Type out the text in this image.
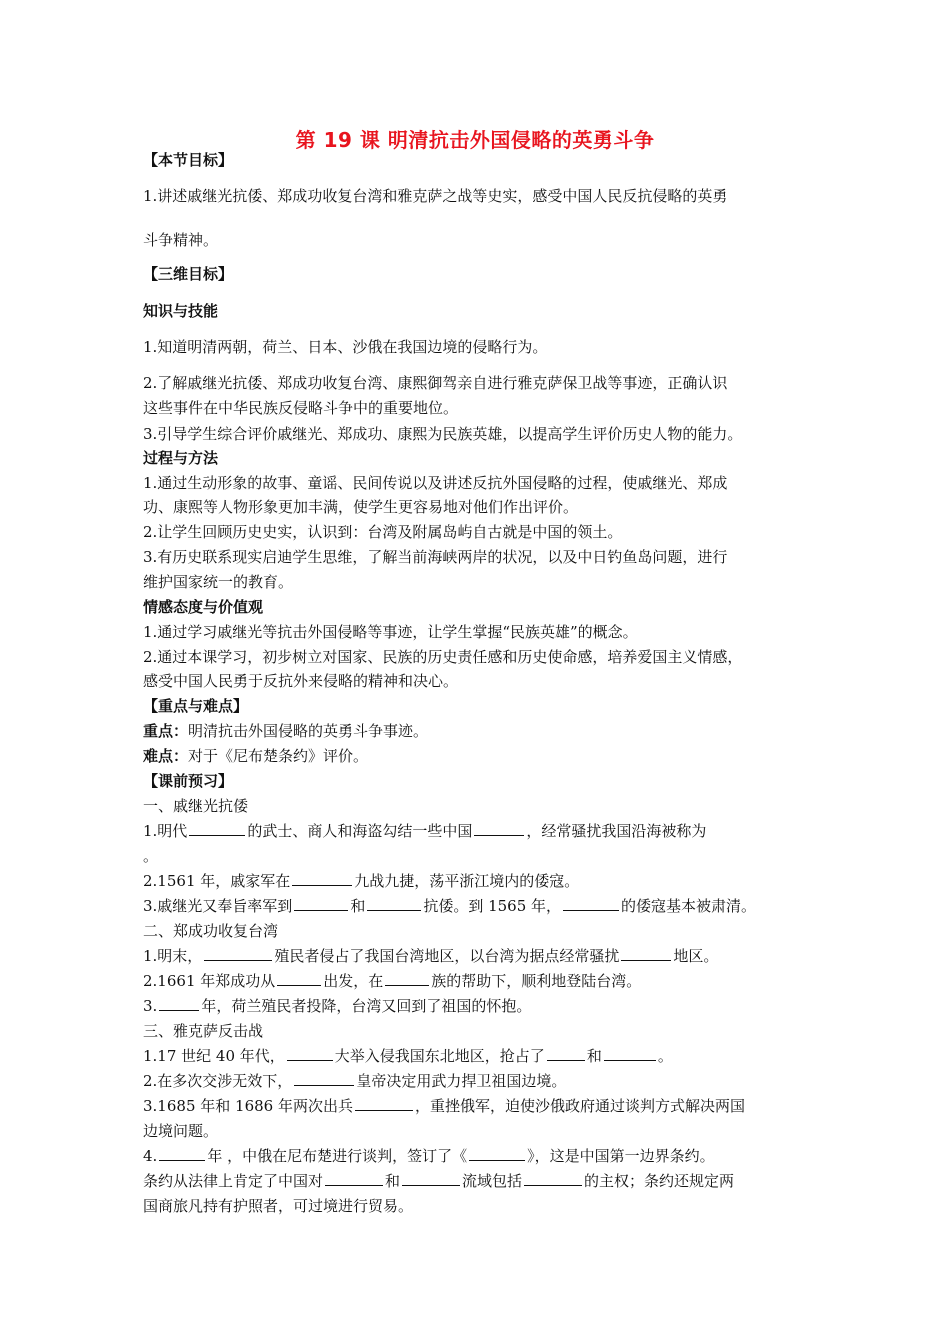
第 19 课 明清抗击外国侵略的英勇斗争
【本节目标】
1.讲述戚继光抗倭、郑成功收复台湾和雅克萨之战等史实，感受中国人民反抗侵略的英勇
斗争精神。
【三维目标】
知识与技能
1.知道明清两朝，荷兰、日本、沙俄在我国边境的侵略行为。
2.了解戚继光抗倭、郑成功收复台湾、康熙御驾亲自进行雅克萨保卫战等事迹，正确认识
这些事件在中华民族反侵略斗争中的重要地位。
3.引导学生综合评价戚继光、郑成功、康熙为民族英雄，以提高学生评价历史人物的能力。
过程与方法
1.通过生动形象的故事、童谣、民间传说以及讲述反抗外国侵略的过程，使戚继光、郑成
功、康熙等人物形象更加丰满，使学生更容易地对他们作出评价。
2.让学生回顾历史史实，认识到：台湾及附属岛屿自古就是中国的领土。
3.有历史联系现实启迪学生思维，了解当前海峡两岸的状况，以及中日钓鱼岛问题，进行
维护国家统一的教育。
情感态度与价值观
1.通过学习戚继光等抗击外国侵略等事迹，让学生掌握“民族英雄”的概念。
2.通过本课学习，初步树立对国家、民族的历史责任感和历史使命感，培养爱国主义情感，
感受中国人民勇于反抗外来侵略的精神和决心。
【重点与难点】
重点：明清抗击外国侵略的英勇斗争事迹。
难点：对于《尼布楚条约》评价。
【课前预习】
一、戚继光抗倭
1.明代	的武士、商人和海盗勾结一些中国	，经常骚扰我国沿海被称为
。
2.1561 年，戚家军在	九战九捷，荡平浙江境内的倭寇。
3.戚继光又奉旨率军到	和	抗倭。到 1565 年，	的倭寇基本被肃清。
二、郑成功收复台湾
1.明末，	殖民者侵占了我国台湾地区，以台湾为据点经常骚扰	地区。
2.1661 年郑成功从	出发，在	族的帮助下，顺利地登陆台湾。
3.	年，荷兰殖民者投降，台湾又回到了祖国的怀抱。
三、雅克萨反击战
1.17 世纪 40 年代，	大举入侵我国东北地区，抢占了	和	。
2.在多次交涉无效下，	皇帝决定用武力捍卫祖国边境。
3.1685 年和 1686 年两次出兵	，重挫俄军，迫使沙俄政府通过谈判方式解决两国
边境问题。
4.	年 ，中俄在尼布楚进行谈判，签订了《	》，这是中国第一边界条约。
条约从法律上肯定了中国对	和	流域包括	的主权；条约还规定两
国商旅凡持有护照者，可过境进行贸易。
